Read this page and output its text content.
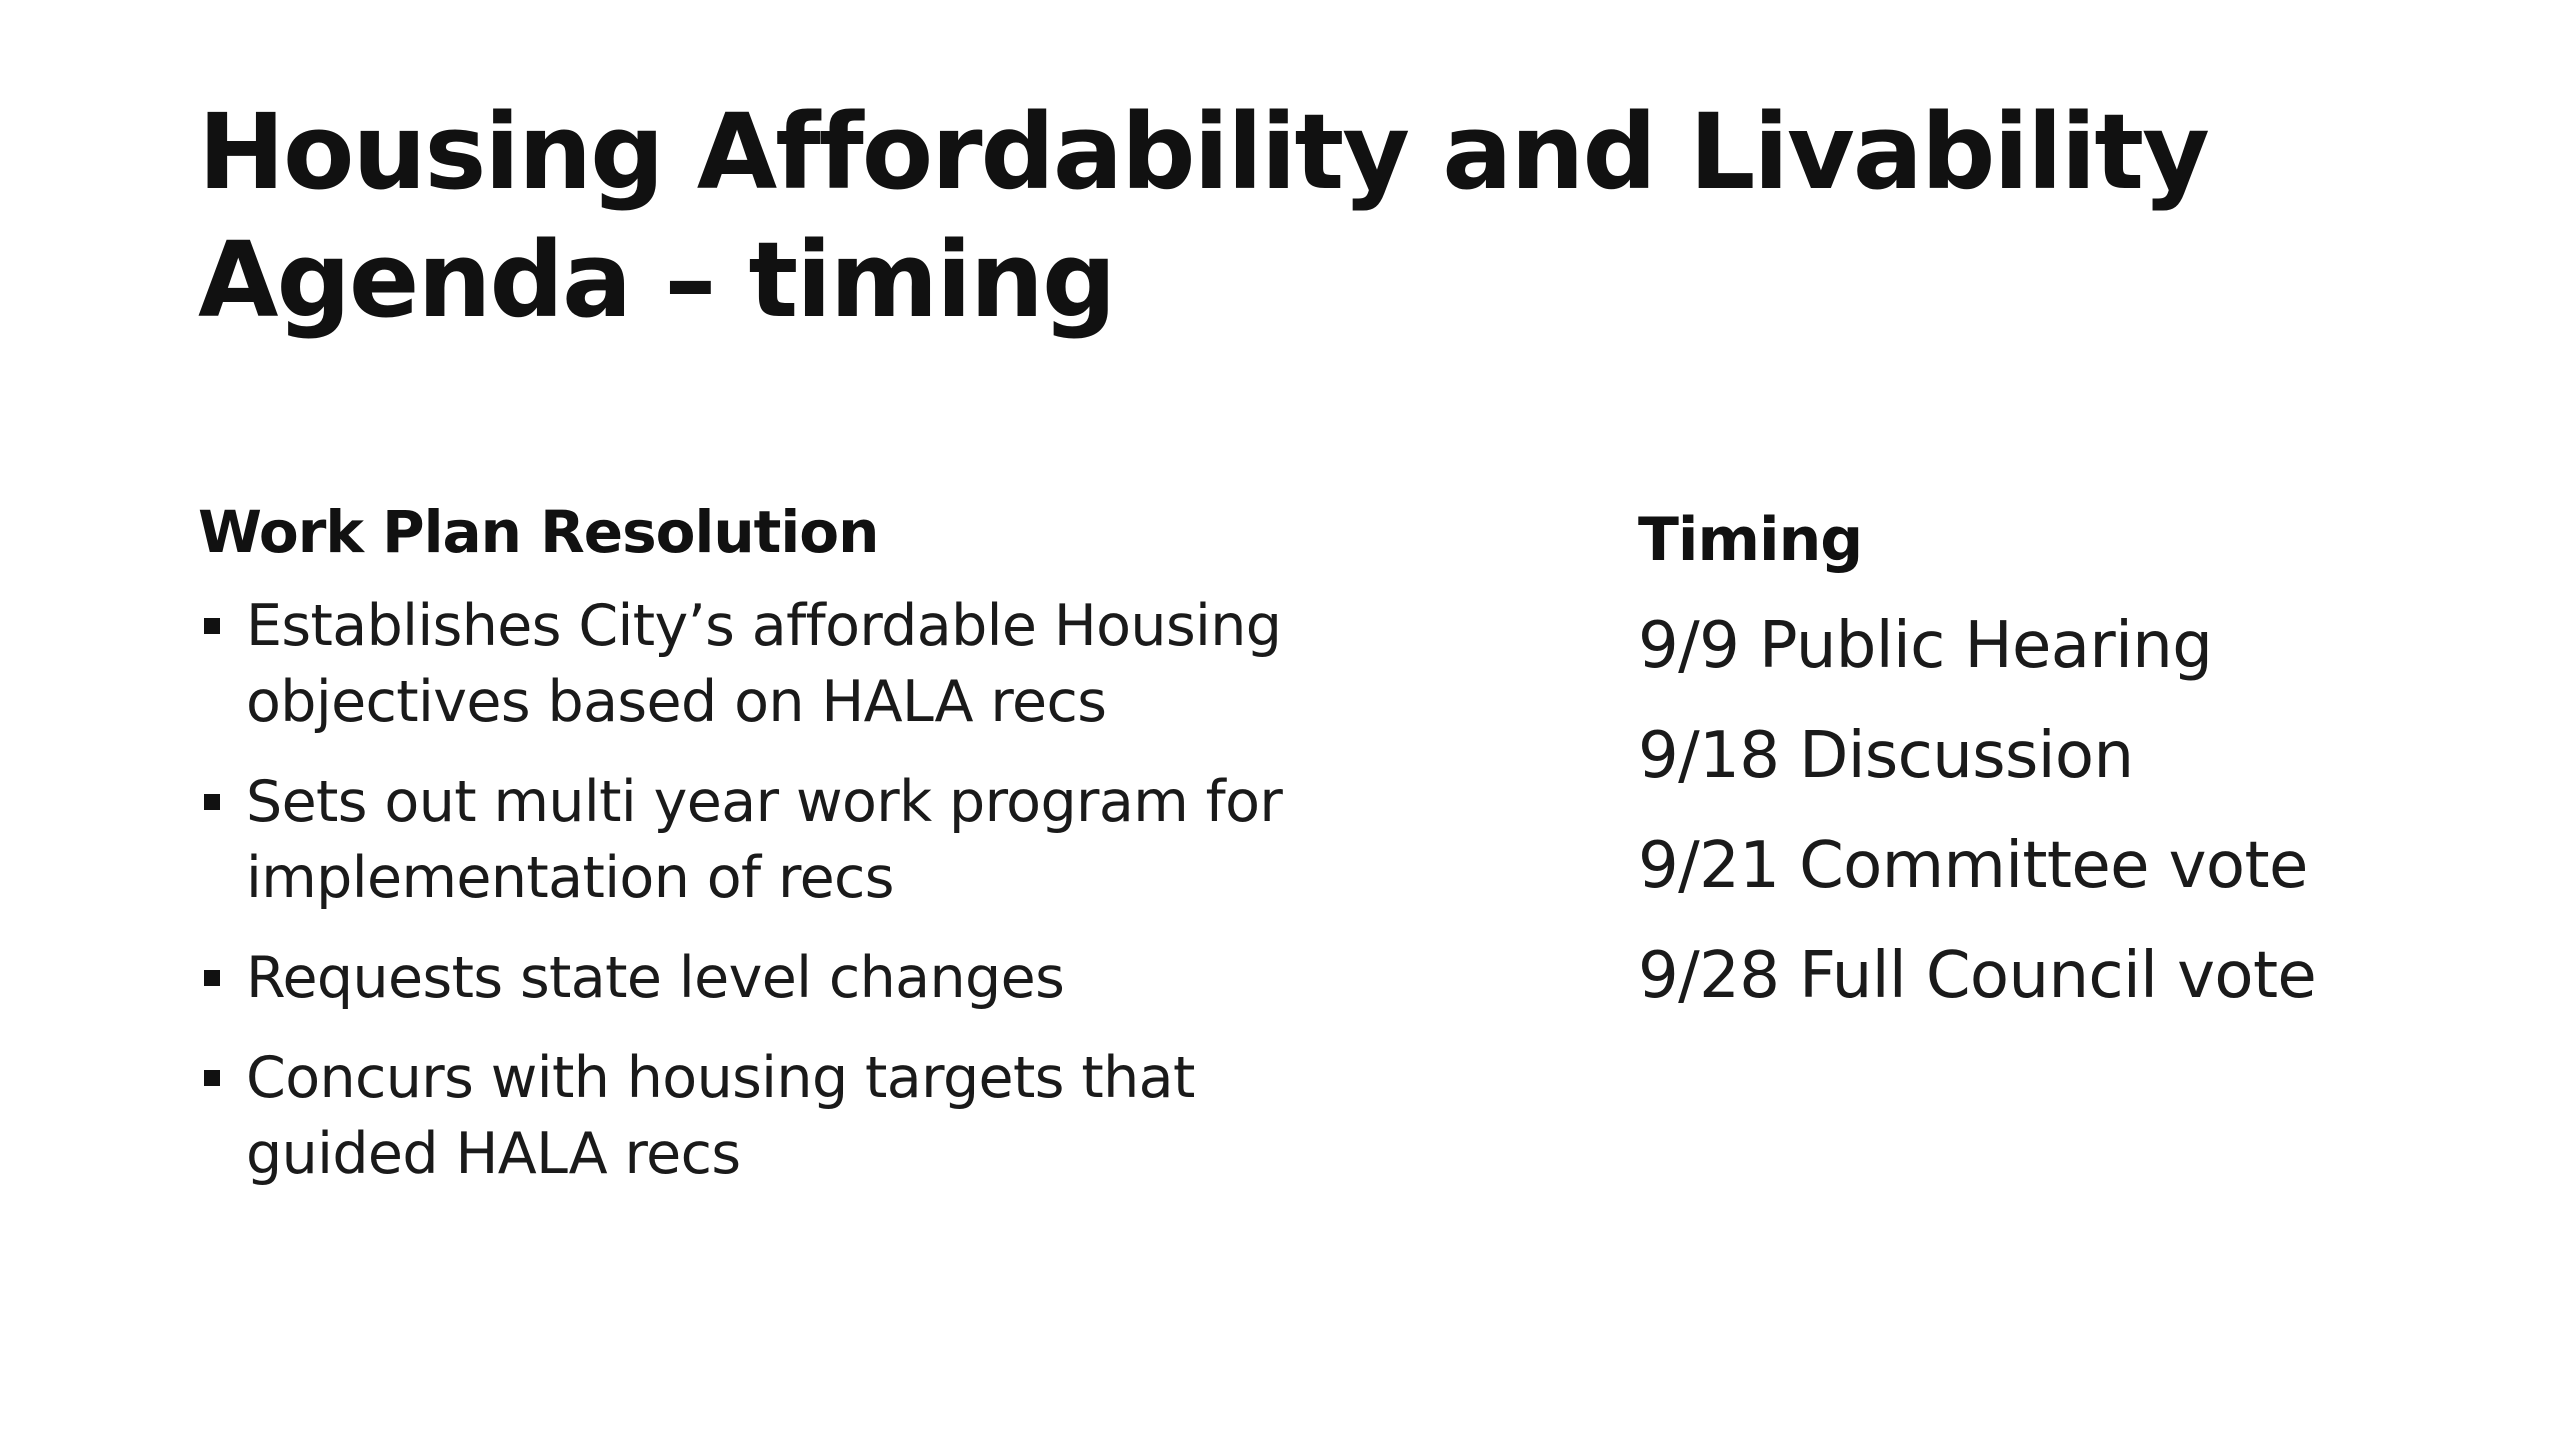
Housing Affordability and Livability
Agenda – timing
Work Plan Resolution
Establishes City’s affordable Housing objectives based on HALA recs
Sets out multi year work program for implementation of recs
Requests state level changes
Concurs with housing targets that guided HALA recs
Timing
9/9 Public Hearing
9/18 Discussion
9/21 Committee vote
9/28 Full Council vote
